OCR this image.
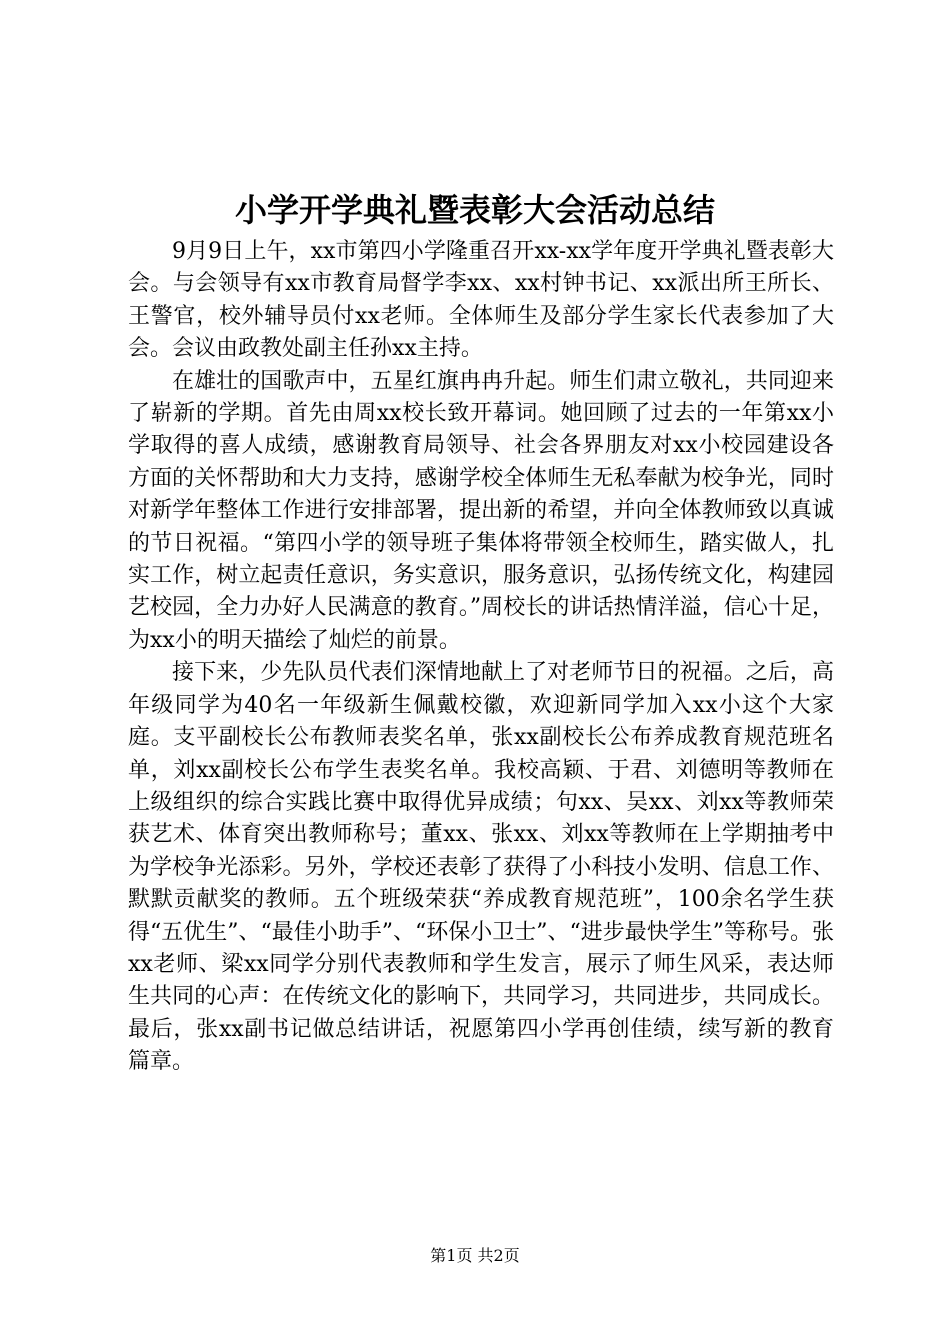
小学开学典礼暨表彰大会活动总结

9月9日上午，xx市第四小学隆重召开xx-xx学年度开学典礼暨表彰大会。与会领导有xx市教育局督学李xx、xx村钟书记、xx派出所王所长、王警官，校外辅导员付xx老师。全体师生及部分学生家长代表参加了大会。会议由政教处副主任孙xx主持。

在雄壮的国歌声中，五星红旗冉冉升起。师生们肃立敬礼，共同迎来了崭新的学期。首先由周xx校长致开幕词。她回顾了过去的一年第xx小学取得的喜人成绩，感谢教育局领导、社会各界朋友对xx小校园建设各方面的关怀帮助和大力支持，感谢学校全体师生无私奉献为校争光，同时对新学年整体工作进行安排部署，提出新的希望，并向全体教师致以真诚的节日祝福。“第四小学的领导班子集体将带领全校师生，踏实做人，扎实工作，树立起责任意识，务实意识，服务意识，弘扬传统文化，构建园艺校园，全力办好人民满意的教育。”周校长的讲话热情洋溢，信心十足，为xx小的明天描绘了灿烂的前景。

接下来，少先队员代表们深情地献上了对老师节日的祝福。之后，高年级同学为40名一年级新生佩戴校徽，欢迎新同学加入xx小这个大家庭。支平副校长公布教师表奖名单，张xx副校长公布养成教育规范班名单，刘xx副校长公布学生表奖名单。我校高颖、于君、刘德明等教师在上级组织的综合实践比赛中取得优异成绩；句xx、吴xx、刘xx等教师荣获艺术、体育突出教师称号；董xx、张xx、刘xx等教师在上学期抽考中为学校争光添彩。另外，学校还表彰了获得了小科技小发明、信息工作、默默贡献奖的教师。五个班级荣获“养成教育规范班”，100余名学生获得“五优生”、“最佳小助手”、“环保小卫士”、“进步最快学生”等称号。张xx老师、梁xx同学分别代表教师和学生发言，展示了师生风采，表达师生共同的心声：在传统文化的影响下，共同学习，共同进步，共同成长。最后，张xx副书记做总结讲话，祝愿第四小学再创佳绩，续写新的教育篇章。

第1页 共2页
